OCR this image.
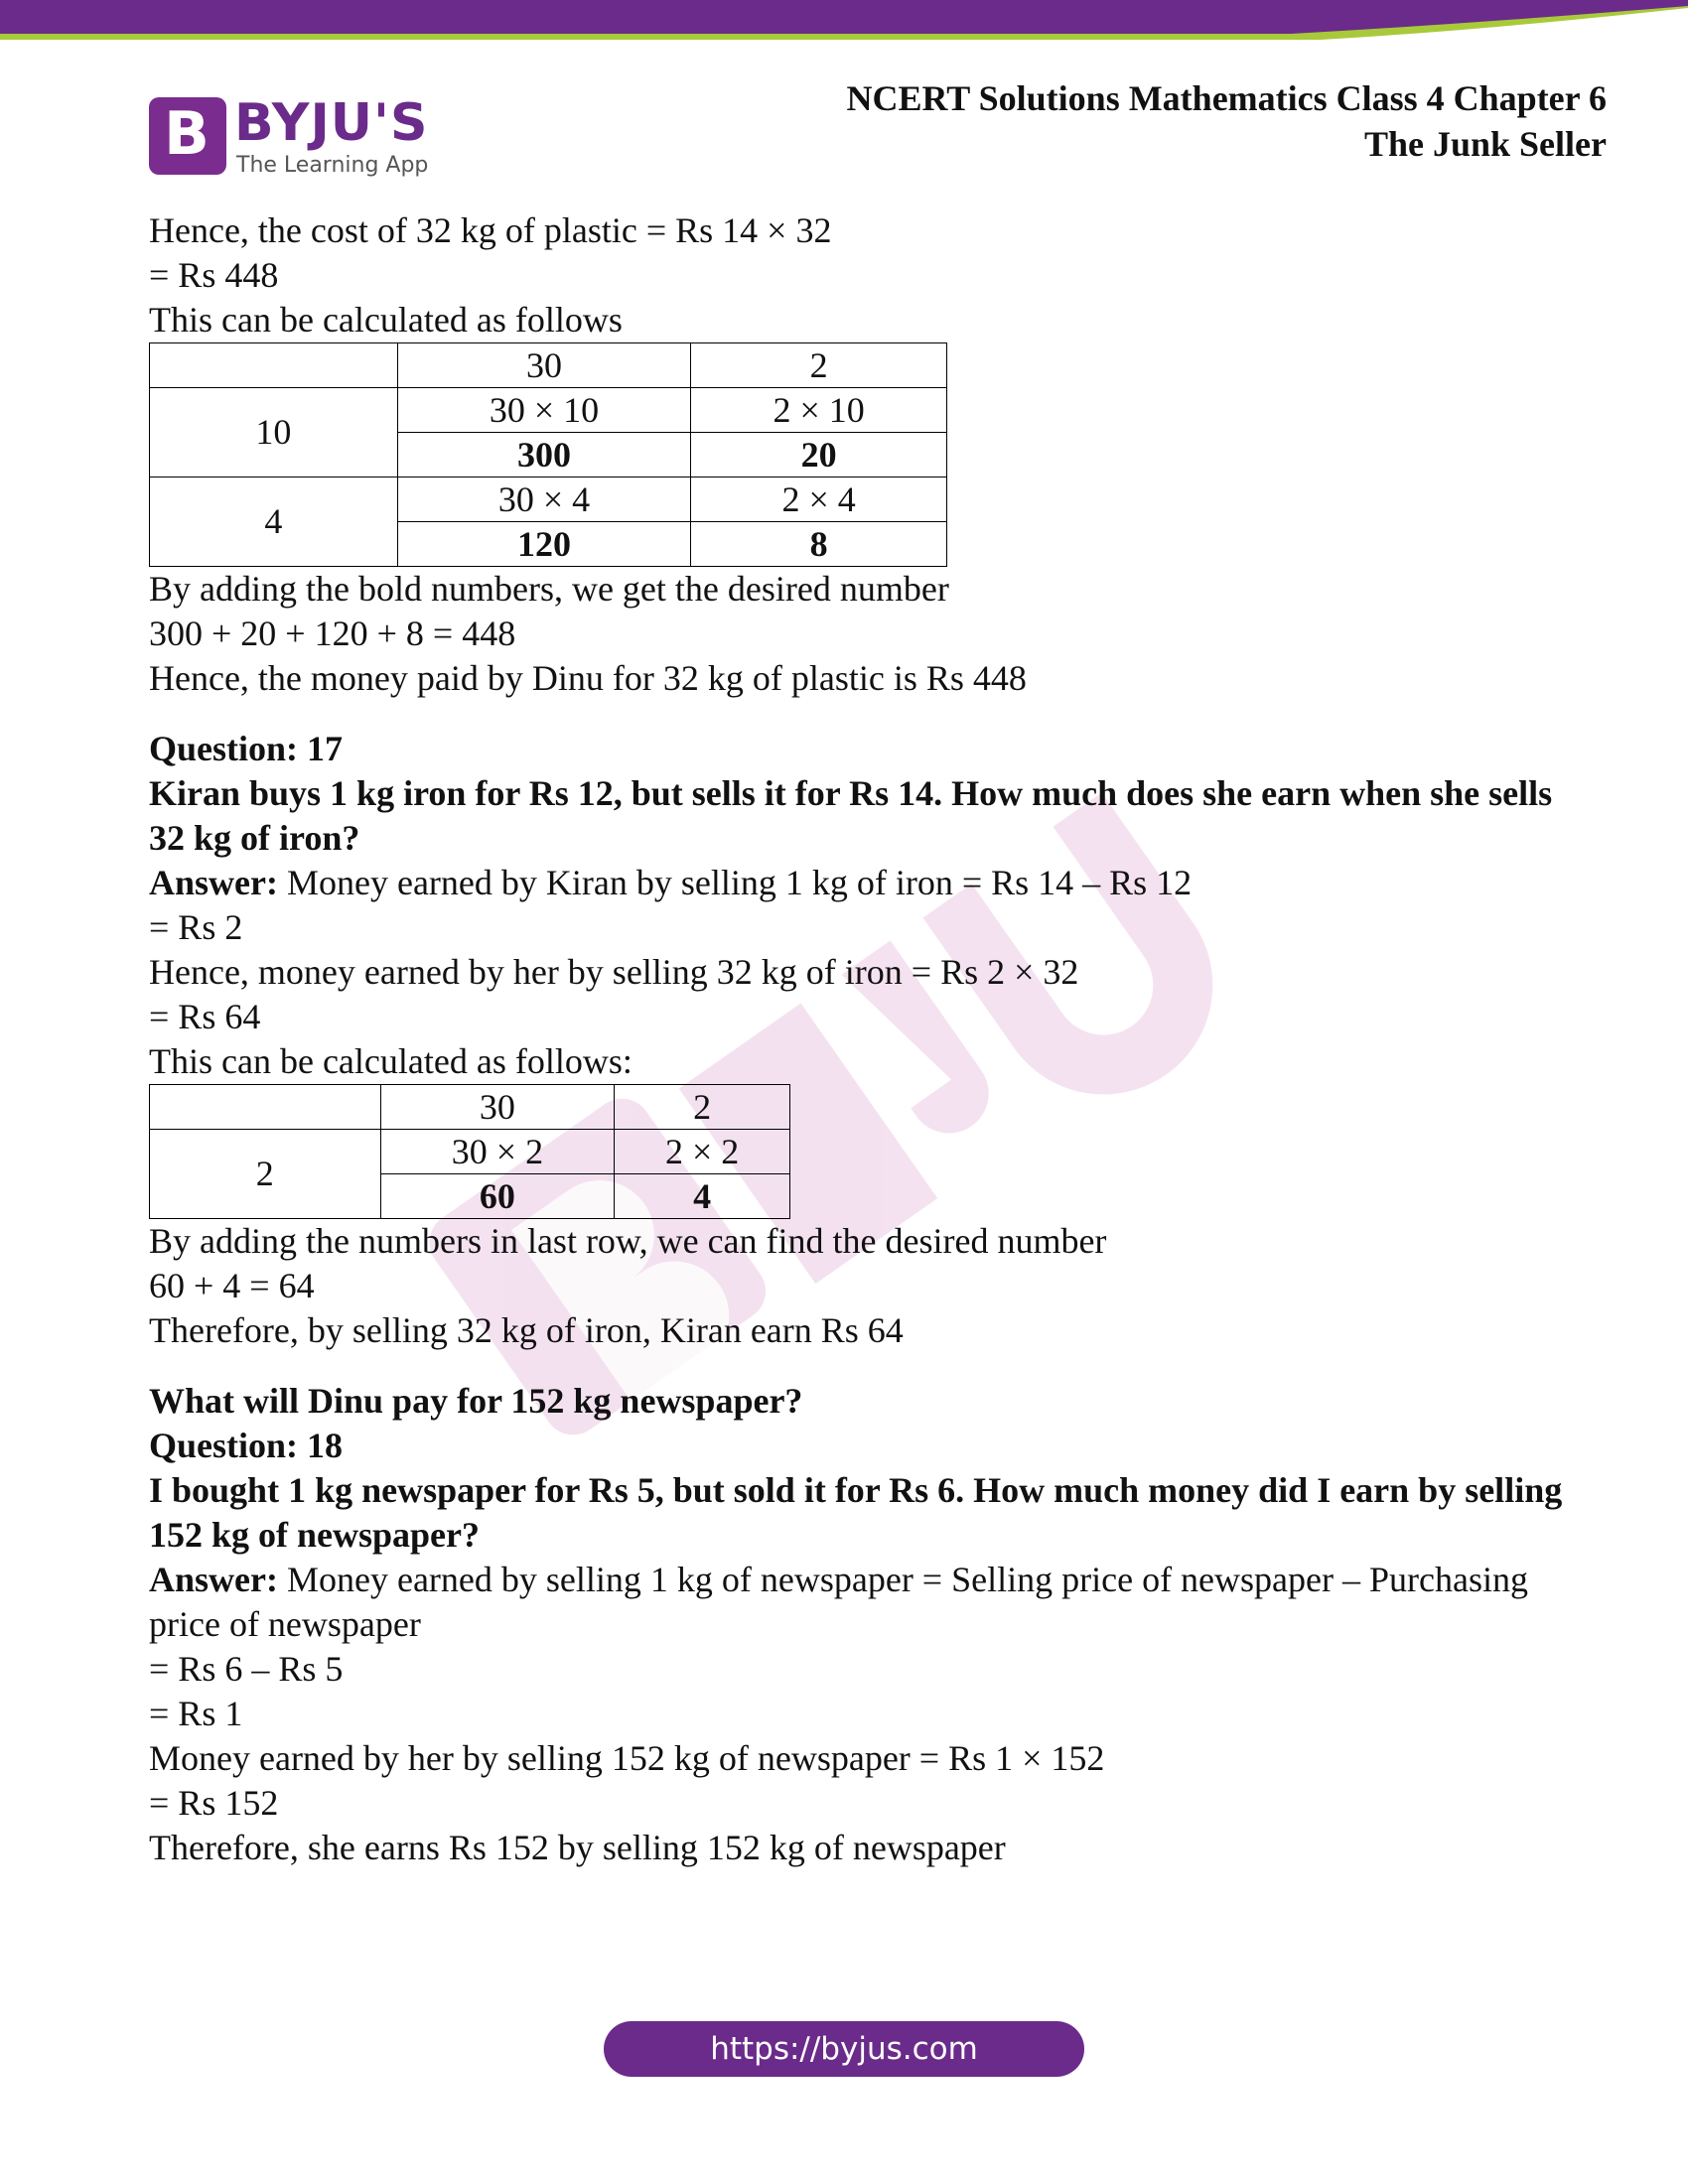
B BYJU'S
The Learning App
NCERT Solutions Mathematics Class 4 Chapter 6
The Junk Seller

Hence, the cost of 32 kg of plastic = Rs 14 × 32

= Rs 448

This can be calculated as follows

	30	2
10	30 × 10	2 × 10
	300	20
4	30 × 4	2 × 4
	120	8

By adding the bold numbers, we get the desired number

300 + 20 + 120 + 8 = 448

Hence, the money paid by Dinu for 32 kg of plastic is Rs 448

Question: 17

Kiran buys 1 kg iron for Rs 12, but sells it for Rs 14. How much does she earn when she sells 32 kg of iron?

Answer: Money earned by Kiran by selling 1 kg of iron = Rs 14 – Rs 12

= Rs 2

Hence, money earned by her by selling 32 kg of iron = Rs 2 × 32

= Rs 64

This can be calculated as follows:

	30	2
2	30 × 2	2 × 2
	60	4

By adding the numbers in last row, we can find the desired number

60 + 4 = 64

Therefore, by selling 32 kg of iron, Kiran earn Rs 64

What will Dinu pay for 152 kg newspaper?

Question: 18

I bought 1 kg newspaper for Rs 5, but sold it for Rs 6. How much money did I earn by selling 152 kg of newspaper?

Answer: Money earned by selling 1 kg of newspaper = Selling price of newspaper – Purchasing price of newspaper

= Rs 6 – Rs 5

= Rs 1

Money earned by her by selling 152 kg of newspaper = Rs 1 × 152

= Rs 152

Therefore, she earns Rs 152 by selling 152 kg of newspaper

https://byjus.com
